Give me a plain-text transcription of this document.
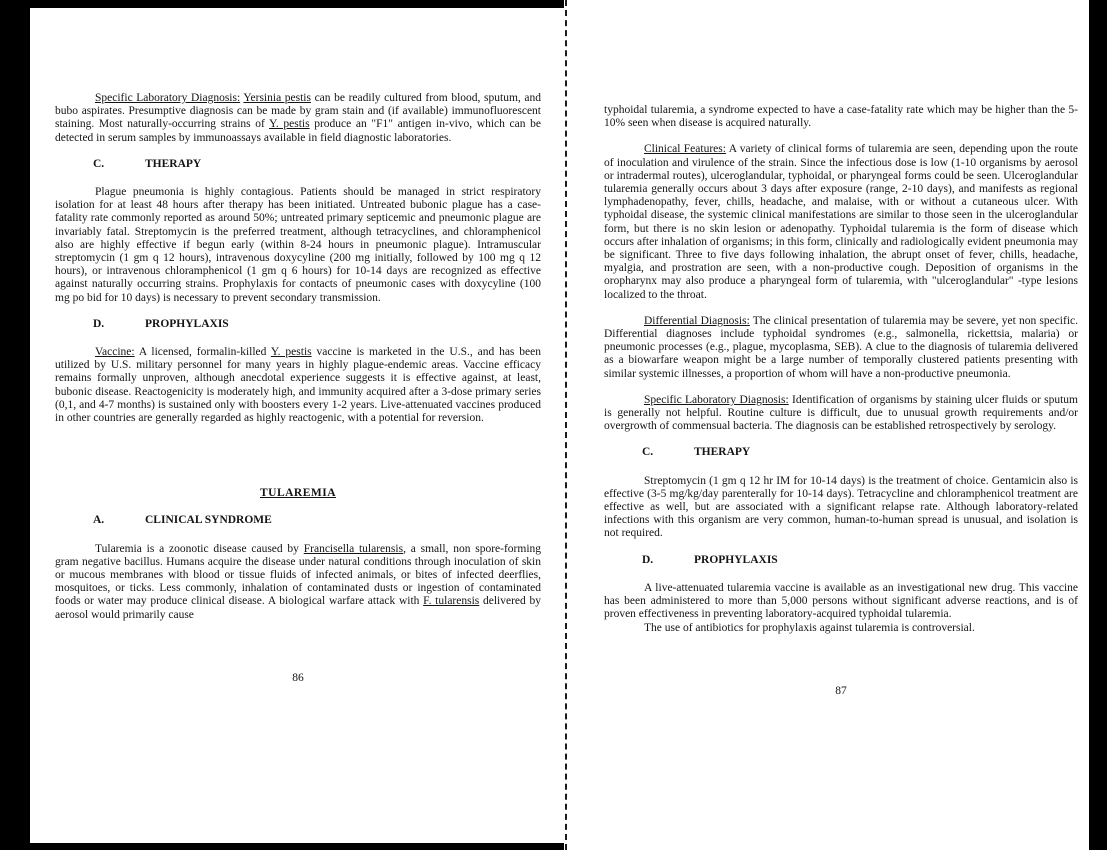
Specific Laboratory Diagnosis: Yersinia pestis can be readily cultured from blood, sputum, and bubo aspirates. Presumptive diagnosis can be made by gram stain and (if available) immunofluorescent staining. Most naturally-occurring strains of Y. pestis produce an "F1" antigen in-vivo, which can be detected in serum samples by immunoassays available in field diagnostic laboratories.

C.	THERAPY

Plague pneumonia is highly contagious. Patients should be managed in strict respiratory isolation for at least 48 hours after therapy has been initiated. Untreated bubonic plague has a case-fatality rate commonly reported as around 50%; untreated primary septicemic and pneumonic plague are invariably fatal. Streptomycin is the preferred treatment, although tetracyclines, and chloramphenicol also are highly effective if begun early (within 8-24 hours in pneumonic plague). Intramuscular streptomycin (1 gm q 12 hours), intravenous doxycyline (200 mg initially, followed by 100 mg q 12 hours), or intravenous chloramphenicol (1 gm q 6 hours) for 10-14 days are recognized as effective against naturally occurring strains. Prophylaxis for contacts of pneumonic cases with doxycyline (100 mg po bid for 10 days) is necessary to prevent secondary transmission.

D.	PROPHYLAXIS

Vaccine: A licensed, formalin-killed Y. pestis vaccine is marketed in the U.S., and has been utilized by U.S. military personnel for many years in highly plague-endemic areas. Vaccine efficacy remains formally unproven, although anecdotal experience suggests it is effective against, at least, bubonic disease. Reactogenicity is moderately high, and immunity acquired after a 3-dose primary series (0,1, and 4-7 months) is sustained only with boosters every 1-2 years. Live-attenuated vaccines produced in other countries are generally regarded as highly reactogenic, with a potential for reversion.

TULAREMIA
A.	CLINICAL SYNDROME

Tularemia is a zoonotic disease caused by Francisella tularensis, a small, non spore-forming gram negative bacillus. Humans acquire the disease under natural conditions through inoculation of skin or mucous membranes with blood or tissue fluids of infected animals, or bites of infected deerflies, mosquitoes, or ticks. Less commonly, inhalation of contaminated dusts or ingestion of contaminated foods or water may produce clinical disease. A biological warfare attack with F. tularensis delivered by aerosol would primarily cause

86

typhoidal tularemia, a syndrome expected to have a case-fatality rate which may be higher than the 5-10% seen when disease is acquired naturally.

Clinical Features: A variety of clinical forms of tularemia are seen, depending upon the route of inoculation and virulence of the strain. Since the infectious dose is low (1-10 organisms by aerosol or intradermal routes), ulceroglandular, typhoidal, or pharyngeal forms could be seen. Ulceroglandular tularemia generally occurs about 3 days after exposure (range, 2-10 days), and manifests as regional lymphadenopathy, fever, chills, headache, and malaise, with or without a cutaneous ulcer. With typhoidal disease, the systemic clinical manifestations are similar to those seen in the ulceroglandular form, but there is no skin lesion or adenopathy. Typhoidal tularemia is the form of disease which occurs after inhalation of organisms; in this form, clinically and radiologically evident pneumonia may be significant. Three to five days following inhalation, the abrupt onset of fever, chills, headache, myalgia, and prostration are seen, with a non-productive cough. Deposition of organisms in the oropharynx may also produce a pharyngeal form of tularemia, with "ulceroglandular" -type lesions localized to the throat.

Differential Diagnosis: The clinical presentation of tularemia may be severe, yet non specific. Differential diagnoses include typhoidal syndromes (e.g., salmonella, rickettsia, malaria) or pneumonic processes (e.g., plague, mycoplasma, SEB). A clue to the diagnosis of tularemia delivered as a biowarfare weapon might be a large number of temporally clustered patients presenting with similar systemic illnesses, a proportion of whom will have a non-productive pneumonia.

Specific Laboratory Diagnosis: Identification of organisms by staining ulcer fluids or sputum is generally not helpful. Routine culture is difficult, due to unusual growth requirements and/or overgrowth of commensual bacteria. The diagnosis can be established retrospectively by serology.

C.	THERAPY

Streptomycin (1 gm q 12 hr IM for 10-14 days) is the treatment of choice. Gentamicin also is effective (3-5 mg/kg/day parenterally for 10-14 days). Tetracycline and chloramphenicol treatment are effective as well, but are associated with a significant relapse rate. Although laboratory-related infections with this organism are very common, human-to-human spread is unusual, and isolation is not required.

D.	PROPHYLAXIS

A live-attenuated tularemia vaccine is available as an investigational new drug. This vaccine has been administered to more than 5,000 persons without significant adverse reactions, and is of proven effectiveness in preventing laboratory-acquired typhoidal tularemia.

The use of antibiotics for prophylaxis against tularemia is controversial.

87
